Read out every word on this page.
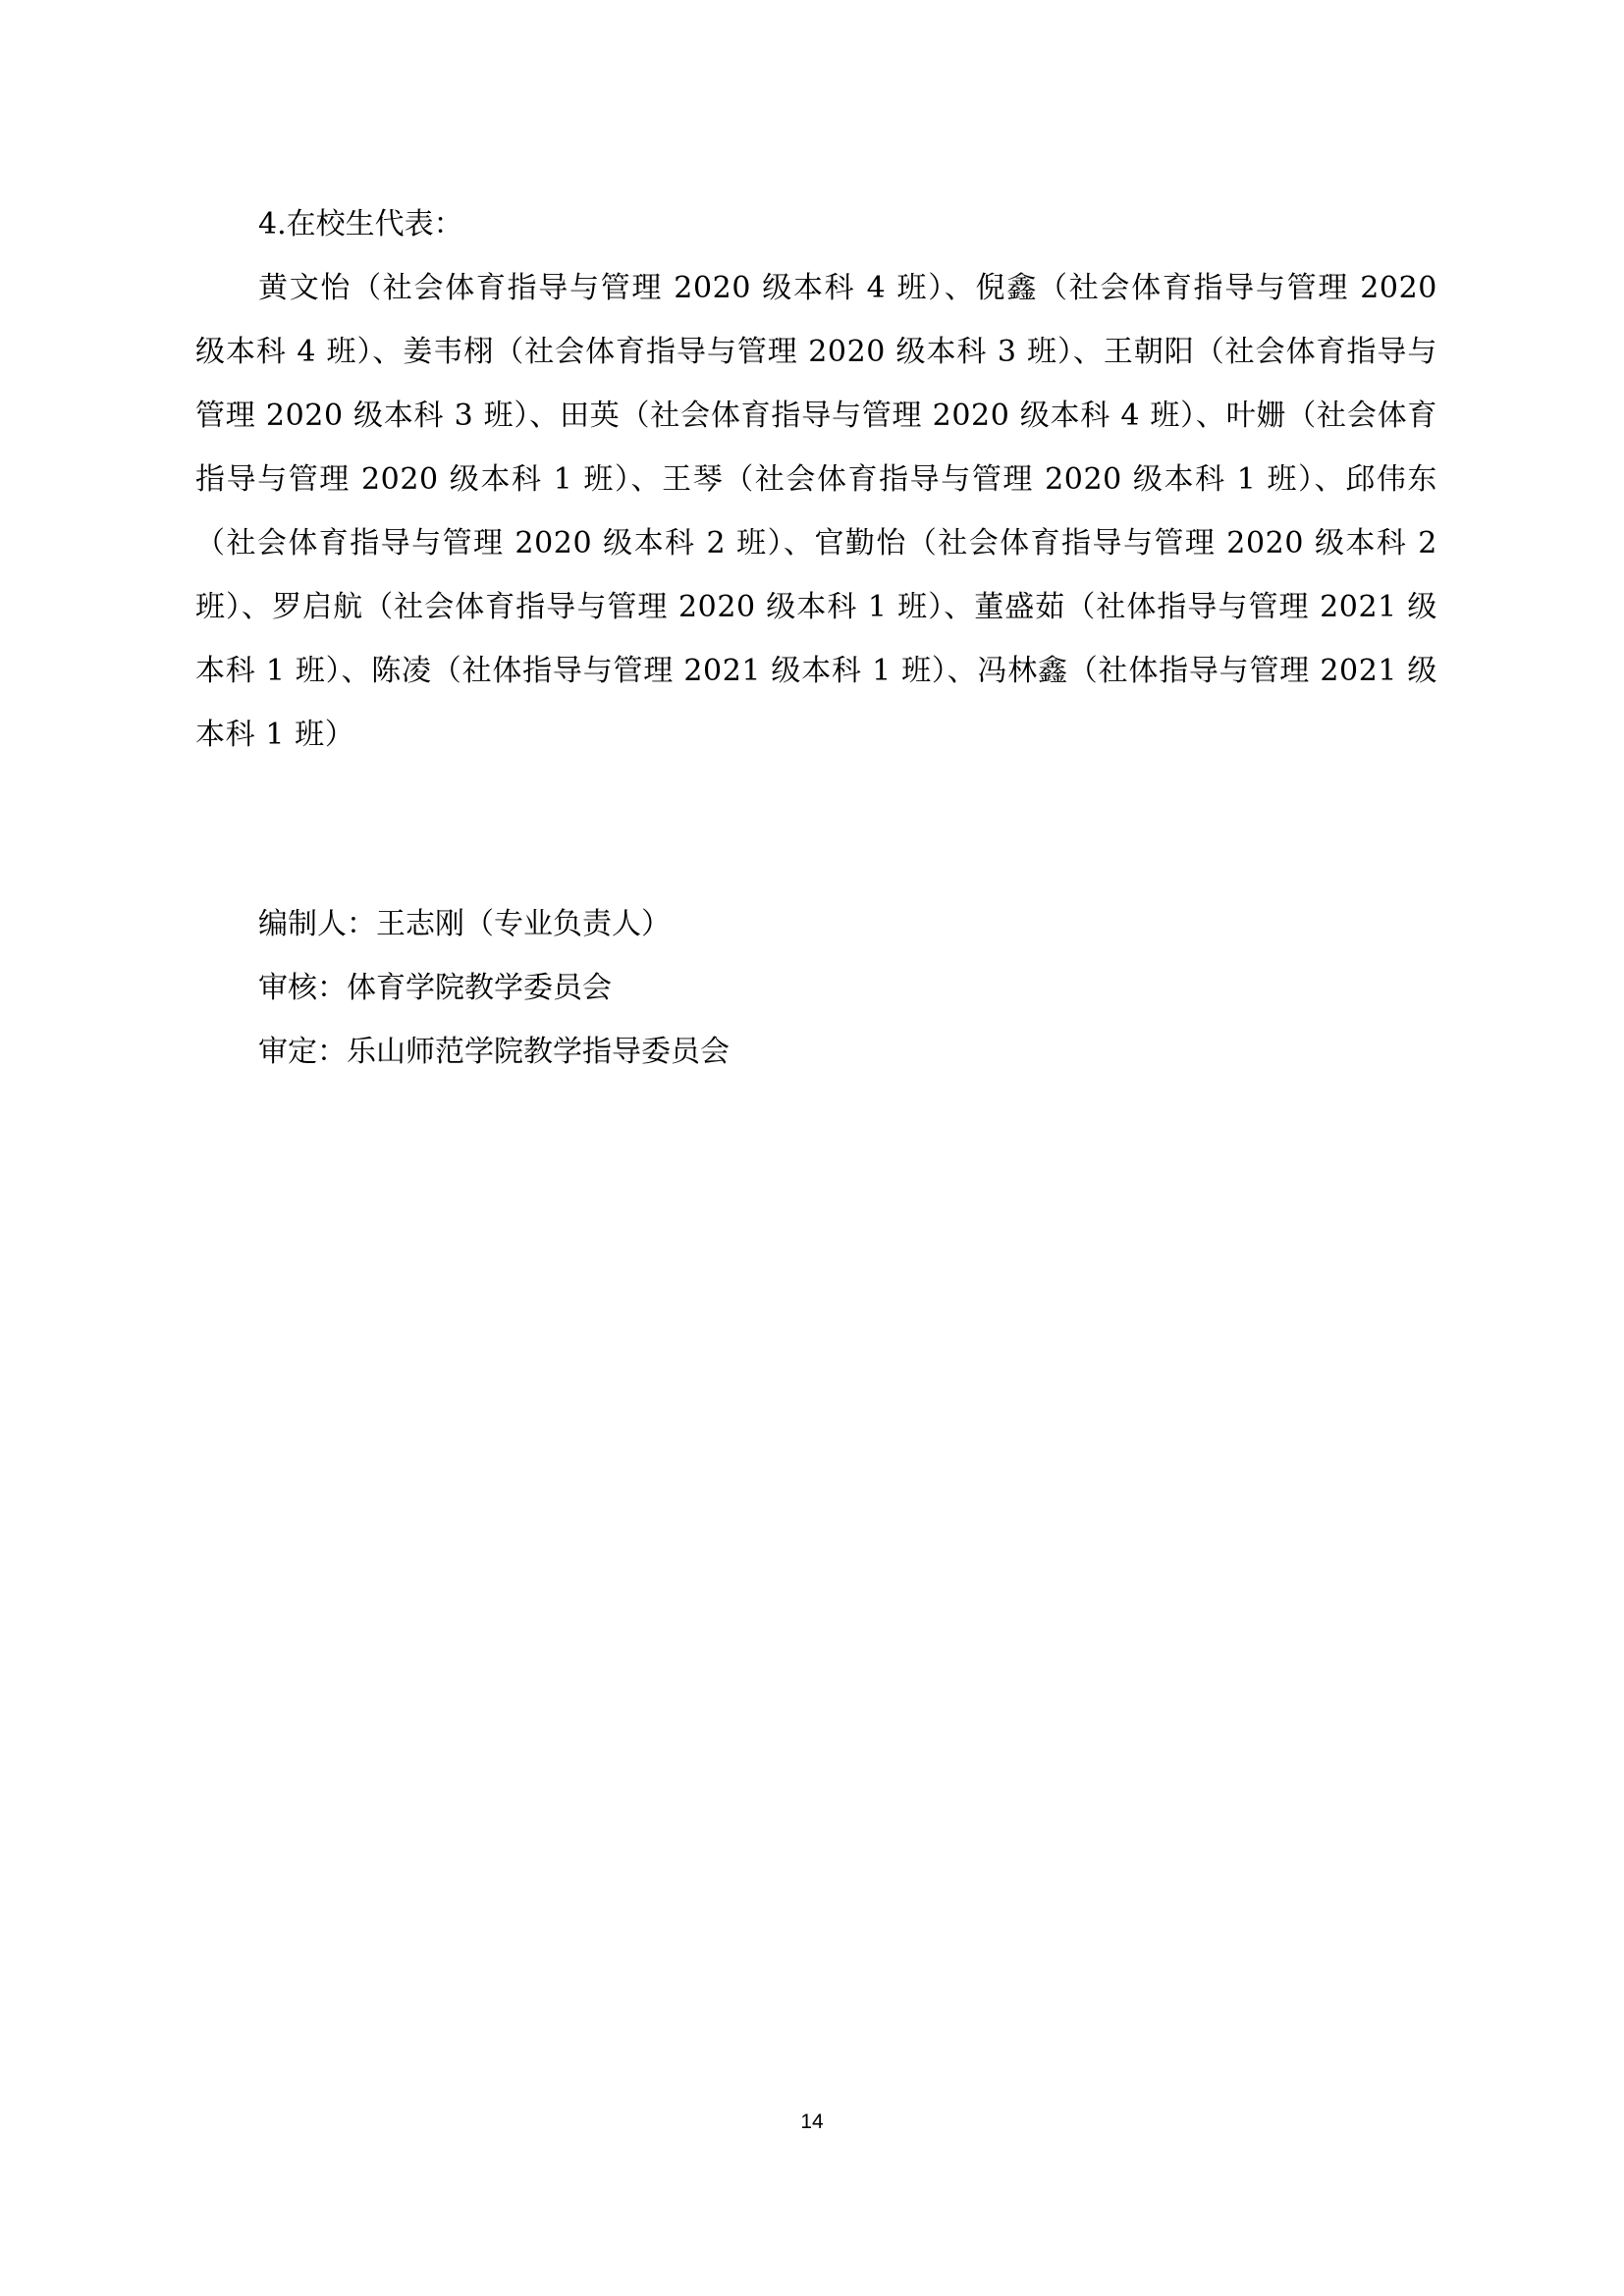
4.在校生代表：

黄文怡（社会体育指导与管理 2020 级本科 4 班）、倪鑫（社会体育指导与管理 2020 级本科 4 班）、姜韦栩（社会体育指导与管理 2020 级本科 3 班）、王朝阳（社会体育指导与管理 2020 级本科 3 班）、田英（社会体育指导与管理 2020 级本科 4 班）、叶姗（社会体育指导与管理 2020 级本科 1 班）、王琴（社会体育指导与管理 2020 级本科 1 班）、邱伟东（社会体育指导与管理 2020 级本科 2 班）、官勤怡（社会体育指导与管理 2020 级本科 2 班）、罗启航（社会体育指导与管理 2020 级本科 1 班）、董盛茹（社体指导与管理 2021 级本科 1 班）、陈凌（社体指导与管理 2021 级本科 1 班）、冯林鑫（社体指导与管理 2021 级本科 1 班）

编制人：王志刚（专业负责人）

审核：体育学院教学委员会

审定：乐山师范学院教学指导委员会

14
